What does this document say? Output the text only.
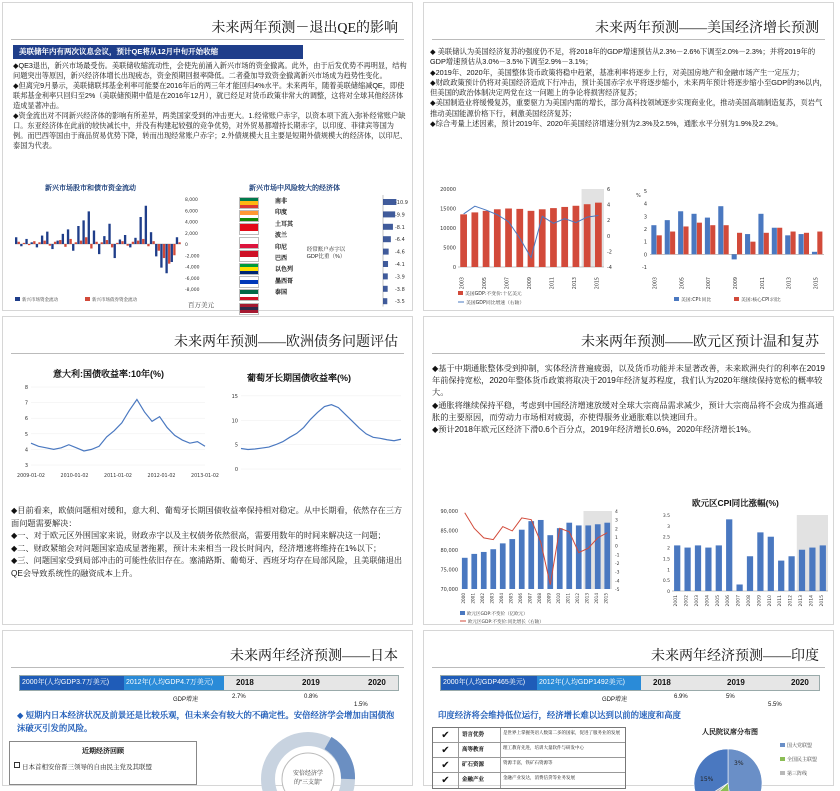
未来两年预测－退出QE的影响
美联储年内有两次议息会议，预计QE将从12月中旬开始收缩
◆QE3退出，新兴市场最受伤。美联储收缩流动性，会使先前涌入新兴市场的资金撤离。此外，由于后发优势不再明显，结构问题突出等原因，新兴经济体增长出现疲态，资金预期回报率降低。二者叠加导致资金撤离新兴市场成为趋势性变化。
◆但离完9月暴示，美联储联邦基金利率可能要在2016年后的两三年才能回归4%水平。未来两年，随着美联储缩减QE，即使联邦基金利率只回归至2%（美联储预期中值是在2016年12月），就已经足对货币政策非常大的调整，这将对全球其他经济体造成显著冲击。
◆资金流出对不同新兴经济体的影响有所差异，两类国家受到的冲击更大。1.经常账户赤字，以资本项下流入弥补经常账户缺口。东亚经济体在此前的较快减长中，并没有构建起较强的竞争优势，对外贸易都增持长期赤字，以印度、菲律宾等国为例。而巴西等国由于商品贸易优势下降，转而出现经常账户赤字；2.外债规模大且主要是短期外债规模大的经济体，以印尼、泰国为代表。
新兴市场股市和债市资金流动
8,000
6,000
4,000
2,000
0
-2,000
-4,000
-6,000
-8,000
新兴市场资金流动	新兴市场债券资金流动
新兴市场中风险较大的经济体
南非
印度
土耳其
波兰
印尼
巴西
以色列
墨西哥
泰国
经常账户赤字以GDP比重（%）
-10.9
-9.9
-8.1
-6.4
-4.6
-4.1
-3.9
-3.8
-3.5
百万美元
未来两年预测——美国经济增长预测
◆ 美联储认为美国经济复苏的强度仍不足，将2018年的GDP增速预估从2.3%－2.6%下调至2.0%－2.3%；并将2019年的GDP增速预估从3.0%－3.5%下调至2.9%－3.1%；
◆2019年、2020年，美国整体货币政策将稳中趋紧，基准利率将逐步上行，对美国房地产和金融市场产生一定压力；
◆财政政策预计仍将对美国经济造成下行冲击，预计美国赤字水平将逐步缩小，未来两年预计将逐步缩小至GDP的3%以内，但美国的政治体制决定两党在这一问题上的争论将损害经济复苏；
◆美国制造业将缓慢复苏，重要驱力为美国内需的增长，部分高科技领域逐步实现商业化，推动美国高端制造复苏，页岩气推动美国能源价格下行，刺激美国经济复苏；
◆综合考量上述因素，预计2019年、2020年美国经济增速分别为2.3%及2.5%，通胀水平分别为1.9%及2.2%。
0
5000
10000
15000
20000
-4
-2
0
2
4
6
2003	2005	2007	2009	2011	2013	2015
美国GDP:不变价:十亿美元
美国GDP同比增速（右轴）
%
5
4
3
2
1
0
-1
2003	2005	2007	2009	2011	2013	2015
美国:CPI:同比	美国:核心CPI:同比
未来两年预测——欧洲债务问题评估
意大利:国债收益率:10年(%)
3
4
5
6
7
8
2009-01-02	2010-01-02	2011-01-02	2012-01-02	2013-01-02
葡萄牙长期国债收益率(%)
0
5
10
15
◆目前看来，欧债问题相对缓和，意大利、葡萄牙长期国债收益率保持相对稳定。从中长期看，依然存在三方面问题需要解决：
◆一、对于欧元区外围国家来说，财政赤字以及主权债务依然很高，需要用数年的时间来解决这一问题；
◆二、财政紧缩会对问题国家造成显著拖累，预计未来相当一段长时间内，经济增速将维持在1%以下；
◆三、问题国家受到局部冲击的可能性依旧存在。塞浦路斯、葡萄牙、西班牙均存在局部风险，且美联储退出QE会导致系统性的融资成本上升。
未来两年预测——欧元区预计温和复苏
◆基于中期通胀整体受到抑制，实体经济普遍疲弱，以及货币功能并未显著改善，未来欧洲央行的利率在2019年前保持宽松，2020年整体货币政策将取决于2019年经济复苏程度，我们认为2020年继续保持宽松的概率较大。
◆通胀将继续保持平稳，考虑到中国经济增速放缓对全球大宗商品需求减少，预计大宗商品将不会成为推高通胀的主要原因，而劳动力市场相对疲弱，亦使得服务业通胀难以快速回升。
◆预计2018年欧元区经济下滑0.6个百分点，2019年经济增长0.6%，2020年经济增长1%。
70,000
75,000
80,000
85,000
90,000
-5
-4
-3
-2
-1
0
1
2
3
4
2000 2001 2002 2003 2004 2005 2006 2007 2008 2009 2010 2011 2012 2013 2014 2015
欧元区GDP:不变价（亿欧元）
欧元区GDP:不变价:同比增长（右轴）
欧元区CPI同比涨幅(%)
0
0.5
1
1.5
2
2.5
3
3.5
2001 2002 2003 2004 2005 2006 2007 2008 2009 2010 2011 2012 2013 2014 2015
未来两年经济预测——日本
2000年(人均GDP3.7万美元)	2012年(人均GDP4.7万美元)	2018	2019	2020
GDP增速	2.7%	0.8%
1.5%
◆ 短期内日本经济状况及前景还是比较乐观，但未来会有较大的不确定性。安倍经济学会增加由国债泡沫破灭引发的风险。
近期经济回顾
日本首相安倍晋三领导的自由民主党及其联盟
安倍经济学的“三支箭”
未来两年经济预测——印度
2000年(人均GDP465美元)	2012年(人均GDP1492美元)	2018	2019	2020
GDP增速	6.9%	5%
5.5%
印度经济将会维持低位运行，经济增长难以达到以前的速度和高度
✔	语言优势	是世界上掌握英语人数第二多的国家，促进了服务业的发展
✔	高等教育	理工教育先进，培训大量软件与研发中心
✔	矿石资源	资源丰富，铁矿石资源等
✔	金融产业	金融产业发达，消费信贷等业务发展
人民院议席分布图
3%
15%
国大党联盟
全国民主联盟
第三阵线
